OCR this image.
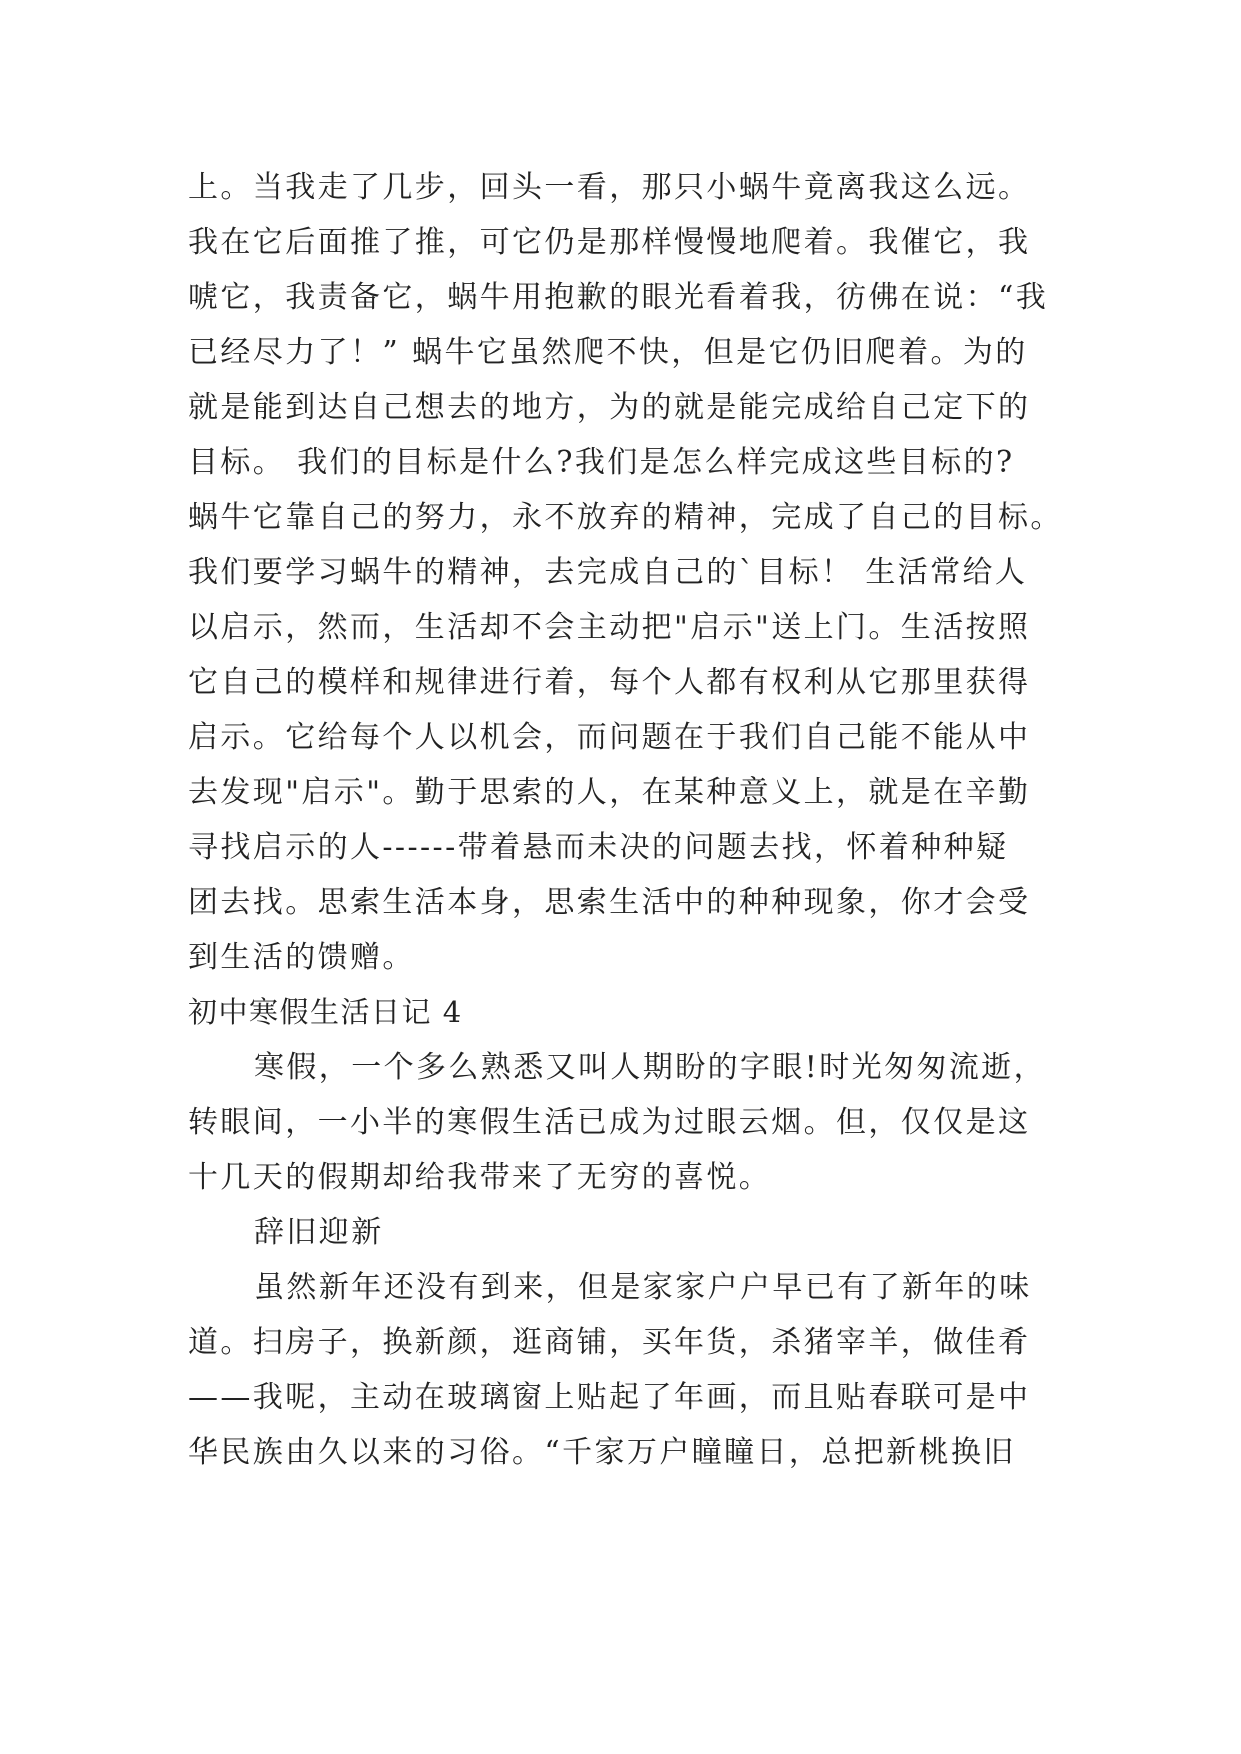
上。当我走了几步，回头一看，那只小蜗牛竟离我这么远。
我在它后面推了推，可它仍是那样慢慢地爬着。我催它，我
唬它，我责备它，蜗牛用抱歉的眼光看着我，彷佛在说：“我
已经尽力了！” 蜗牛它虽然爬不快，但是它仍旧爬着。为的
就是能到达自己想去的地方，为的就是能完成给自己定下的
目标。 我们的目标是什么?我们是怎么样完成这些目标的?
蜗牛它靠自己的努力，永不放弃的精神，完成了自己的目标。
我们要学习蜗牛的精神，去完成自己的`目标！ 生活常给人
以启示，然而，生活却不会主动把"启示"送上门。生活按照
它自己的模样和规律进行着，每个人都有权利从它那里获得
启示。它给每个人以机会，而问题在于我们自己能不能从中
去发现"启示"。勤于思索的人，在某种意义上，就是在辛勤
寻找启示的人------带着悬而未决的问题去找，怀着种种疑
团去找。思索生活本身，思索生活中的种种现象，你才会受
到生活的馈赠。
初中寒假生活日记 4
寒假，一个多么熟悉又叫人期盼的字眼!时光匆匆流逝，
转眼间，一小半的寒假生活已成为过眼云烟。但，仅仅是这
十几天的假期却给我带来了无穷的喜悦。
辞旧迎新
虽然新年还没有到来，但是家家户户早已有了新年的味
道。扫房子，换新颜，逛商铺，买年货，杀猪宰羊，做佳肴
——我呢，主动在玻璃窗上贴起了年画，而且贴春联可是中
华民族由久以来的习俗。“千家万户瞳瞳日，总把新桃换旧
